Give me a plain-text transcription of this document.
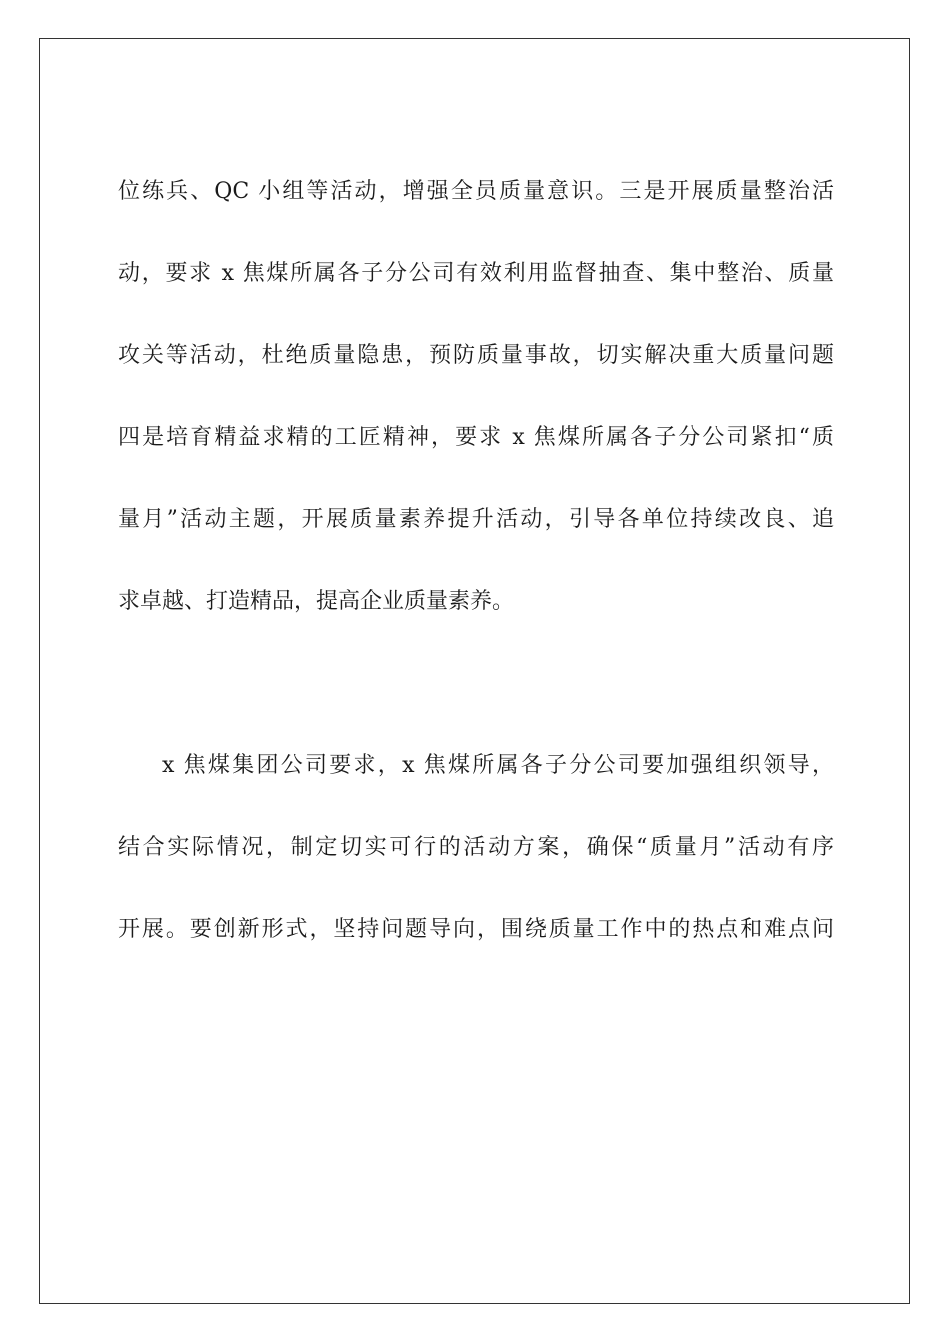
位练兵、QC 小组等活动，增强全员质量意识。三是开展质量整治活
动，要求 x 焦煤所属各子分公司有效利用监督抽查、集中整治、质量
攻关等活动，杜绝质量隐患，预防质量事故，切实解决重大质量问题
四是培育精益求精的工匠精神，要求 x 焦煤所属各子分公司紧扣“质
量月”活动主题，开展质量素养提升活动，引导各单位持续改良、追
求卓越、打造精品，提高企业质量素养。
x 焦煤集团公司要求，x 焦煤所属各子分公司要加强组织领导，
结合实际情况，制定切实可行的活动方案，确保“质量月”活动有序
开展。要创新形式，坚持问题导向，围绕质量工作中的热点和难点问
